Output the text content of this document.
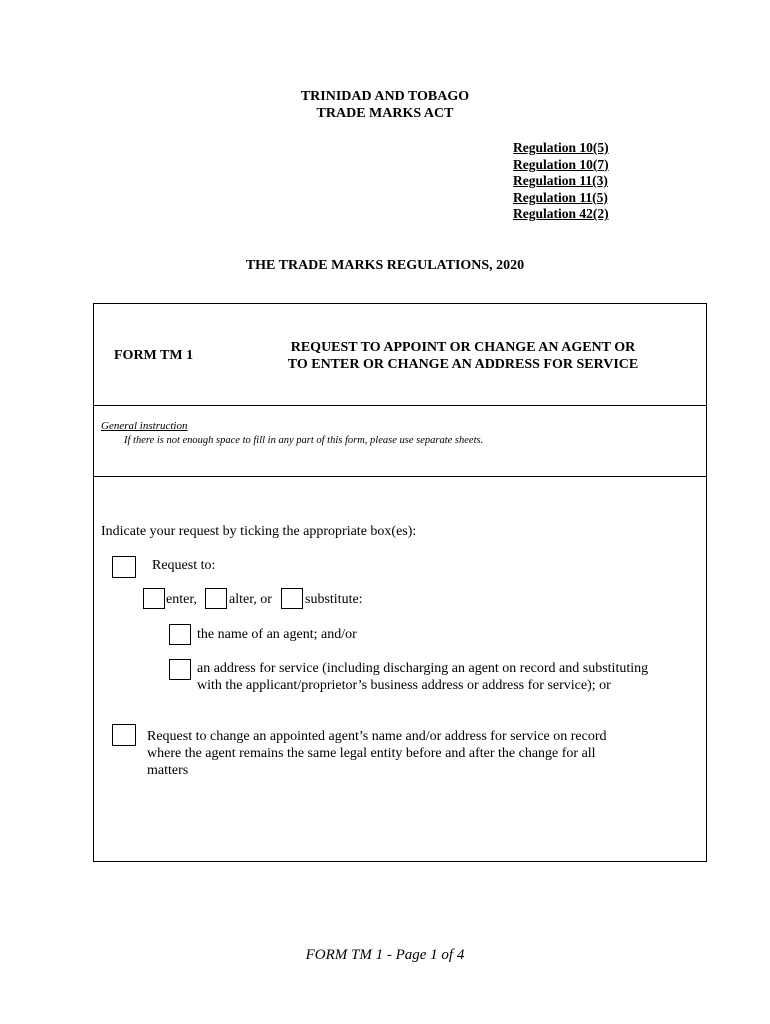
TRINIDAD AND TOBAGO
TRADE MARKS ACT
Regulation 10(5)
Regulation 10(7)
Regulation 11(3)
Regulation 11(5)
Regulation 42(2)
THE TRADE MARKS REGULATIONS, 2020
FORM TM 1
REQUEST TO APPOINT OR CHANGE AN AGENT OR
TO ENTER OR CHANGE AN ADDRESS FOR SERVICE
General instruction
If there is not enough space to fill in any part of this form, please use separate sheets.
Indicate your request by ticking the appropriate box(es):
Request to:
enter, alter, or substitute:
the name of an agent; and/or
an address for service (including discharging an agent on record and substituting
with the applicant/proprietor’s business address or address for service); or
Request to change an appointed agent’s name and/or address for service on record
where the agent remains the same legal entity before and after the change for all
matters
FORM TM 1 - Page 1 of 4
